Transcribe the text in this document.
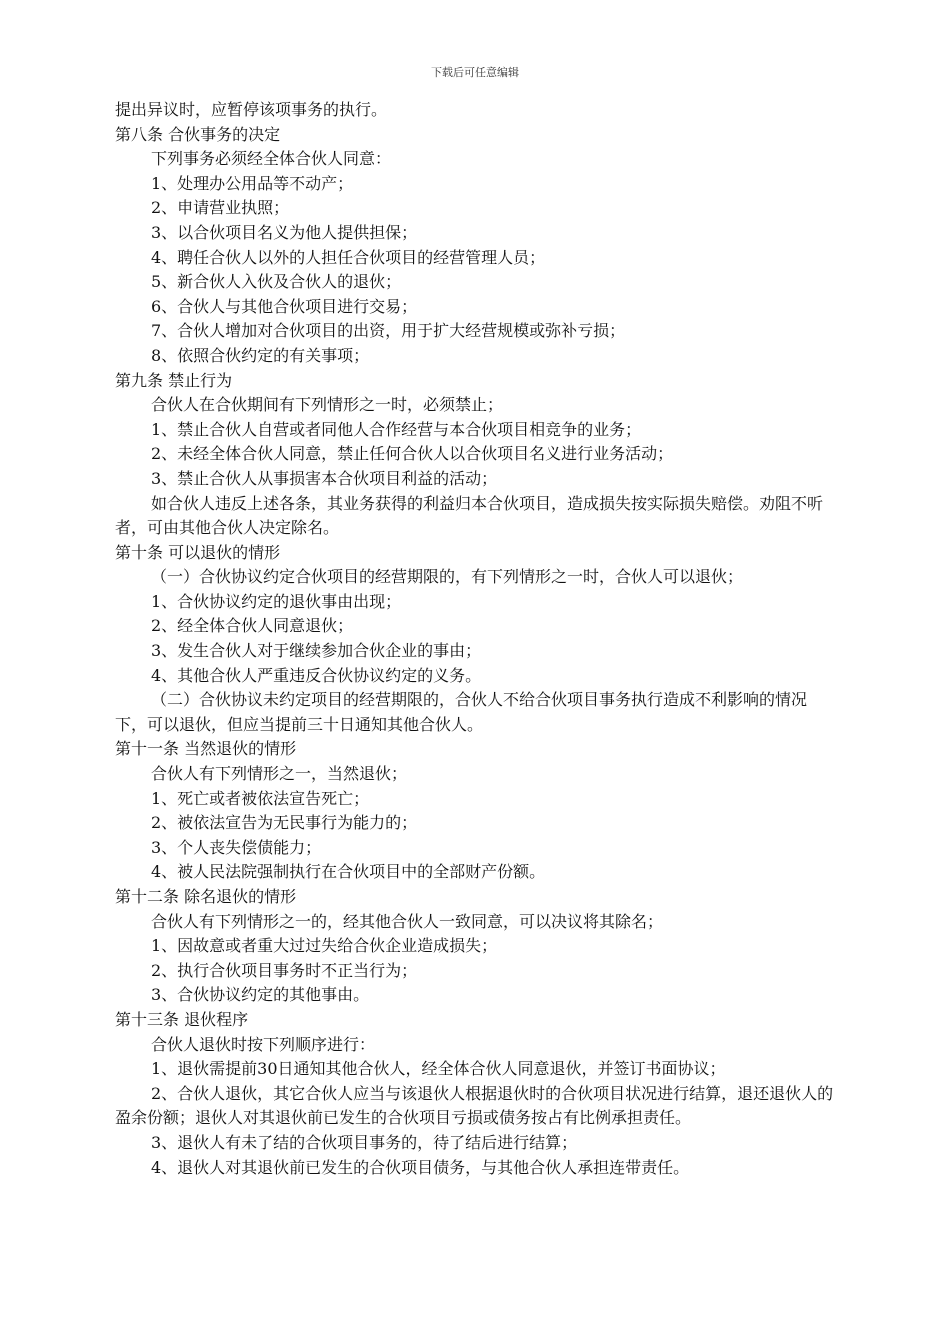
下载后可任意编辑

提出异议时，应暂停该项事务的执行。

第八条 合伙事务的决定

下列事务必须经全体合伙人同意：

1、处理办公用品等不动产；

2、申请营业执照；

3、以合伙项目名义为他人提供担保；

4、聘任合伙人以外的人担任合伙项目的经营管理人员；

5、新合伙人入伙及合伙人的退伙；

6、合伙人与其他合伙项目进行交易；

7、合伙人增加对合伙项目的出资，用于扩大经营规模或弥补亏损；

8、依照合伙约定的有关事项；

第九条 禁止行为

合伙人在合伙期间有下列情形之一时，必须禁止；

1、禁止合伙人自营或者同他人合作经营与本合伙项目相竞争的业务；

2、未经全体合伙人同意，禁止任何合伙人以合伙项目名义进行业务活动；

3、禁止合伙人从事损害本合伙项目利益的活动；

如合伙人违反上述各条，其业务获得的利益归本合伙项目，造成损失按实际损失赔偿。劝阻不听者，可由其他合伙人决定除名。

第十条 可以退伙的情形

（一）合伙协议约定合伙项目的经营期限的，有下列情形之一时，合伙人可以退伙；

1、合伙协议约定的退伙事由出现；

2、经全体合伙人同意退伙；

3、发生合伙人对于继续参加合伙企业的事由；

4、其他合伙人严重违反合伙协议约定的义务。

（二）合伙协议未约定项目的经营期限的，合伙人不给合伙项目事务执行造成不利影响的情况下，可以退伙，但应当提前三十日通知其他合伙人。

第十一条 当然退伙的情形

合伙人有下列情形之一，当然退伙；

1、死亡或者被依法宣告死亡；

2、被依法宣告为无民事行为能力的；

3、个人丧失偿债能力；

4、被人民法院强制执行在合伙项目中的全部财产份额。

第十二条 除名退伙的情形

合伙人有下列情形之一的，经其他合伙人一致同意，可以决议将其除名；

1、因故意或者重大过过失给合伙企业造成损失；

2、执行合伙项目事务时不正当行为；

3、合伙协议约定的其他事由。

第十三条 退伙程序

合伙人退伙时按下列顺序进行：

1、退伙需提前30日通知其他合伙人，经全体合伙人同意退伙，并签订书面协议；

2、合伙人退伙，其它合伙人应当与该退伙人根据退伙时的合伙项目状况进行结算，退还退伙人的盈余份额；退伙人对其退伙前已发生的合伙项目亏损或债务按占有比例承担责任。

3、退伙人有未了结的合伙项目事务的，待了结后进行结算；

4、退伙人对其退伙前已发生的合伙项目债务，与其他合伙人承担连带责任。
